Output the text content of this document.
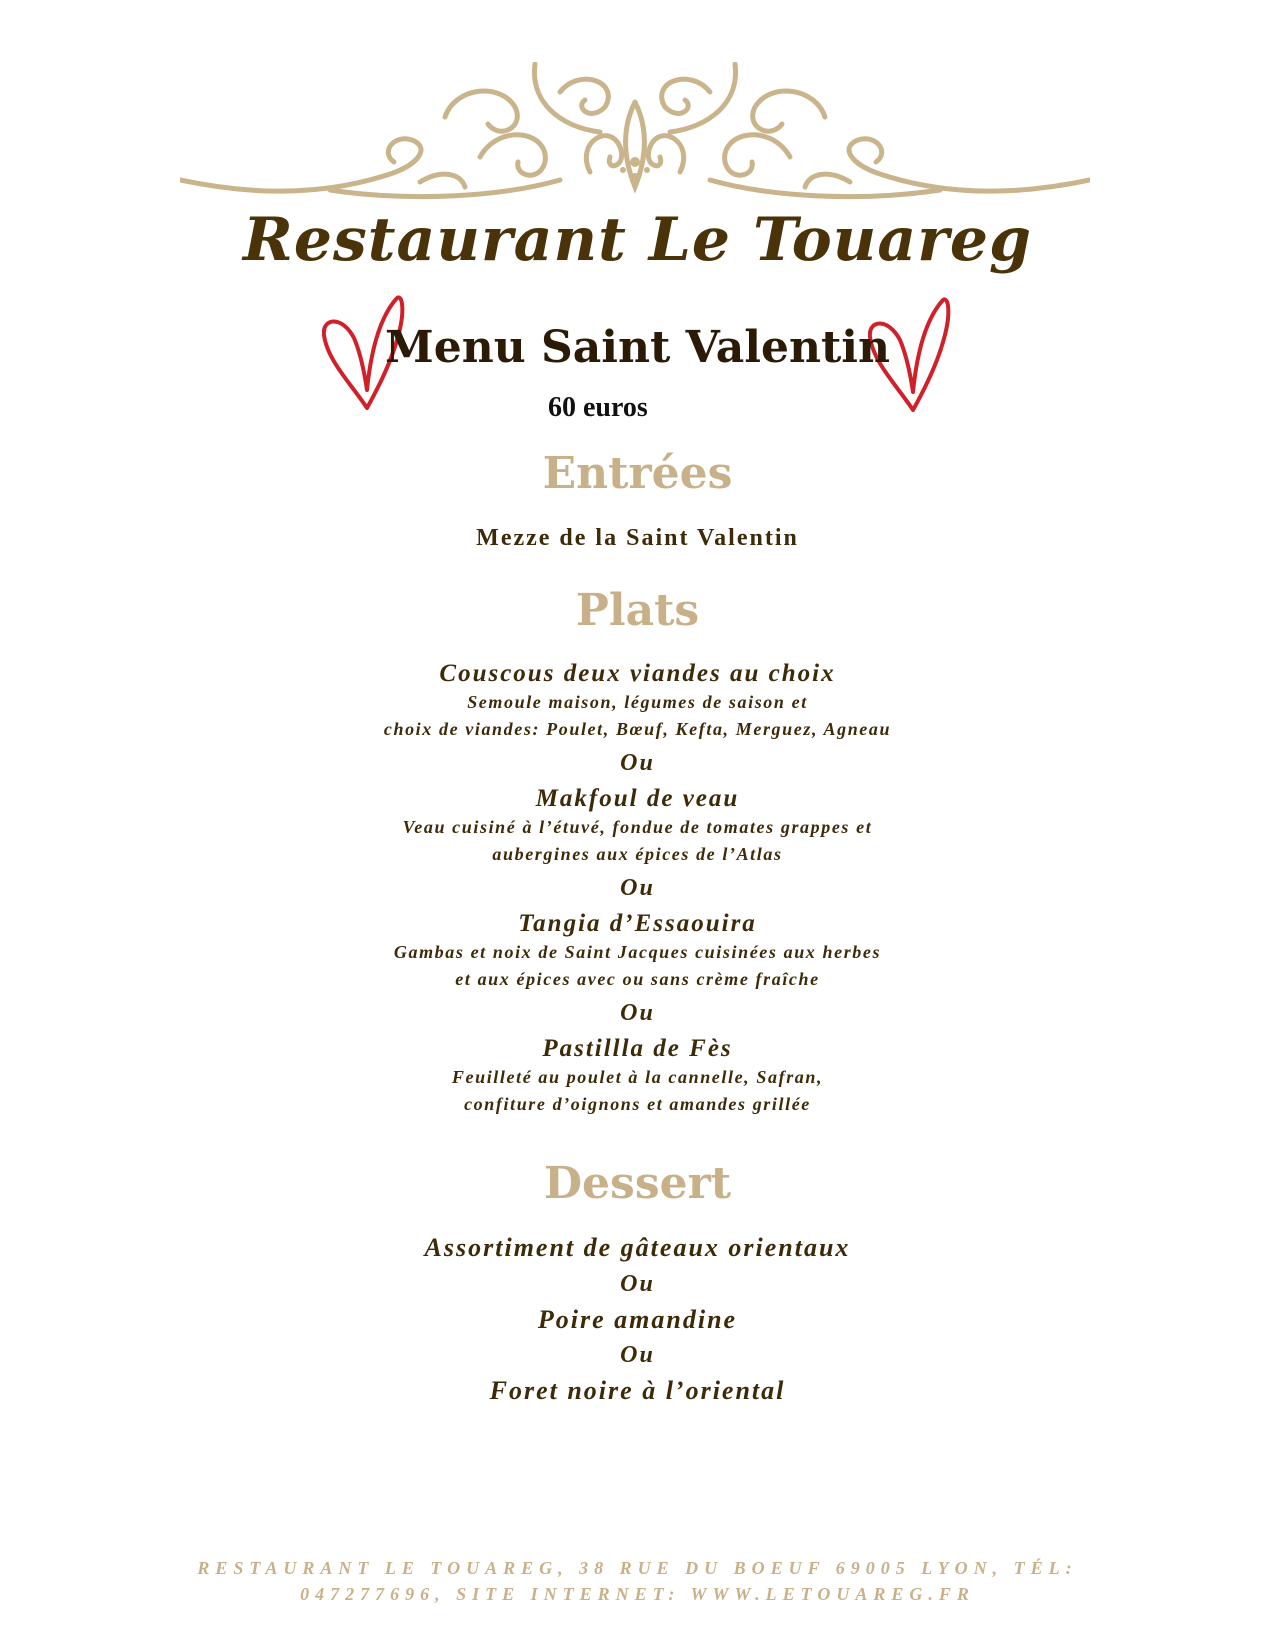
Restaurant Le Touareg
Menu Saint Valentin
60 euros
Entrées
Mezze de la Saint Valentin
Plats
Couscous deux viandes au choix
Semoule maison, légumes de saison et
choix de viandes: Poulet, Bœuf, Kefta, Merguez, Agneau
Ou
Makfoul de veau
Veau cuisiné à l’étuvé, fondue de tomates grappes et
aubergines aux épices de l’Atlas
Ou
Tangia d’Essaouira
Gambas et noix de Saint Jacques cuisinées aux herbes
et aux épices avec ou sans crème fraîche
Ou
Pastillla de Fès
Feuilleté au poulet à la cannelle, Safran,
confiture d’oignons et amandes grillée
Dessert
Assortiment de gâteaux orientaux
Ou
Poire amandine
Ou
Foret noire à l’oriental
RESTAURANT LE TOUAREG, 38 RUE DU BOEUF 69005 LYON, TÉL:
047277696, SITE INTERNET: WWW.LETOUAREG.FR
